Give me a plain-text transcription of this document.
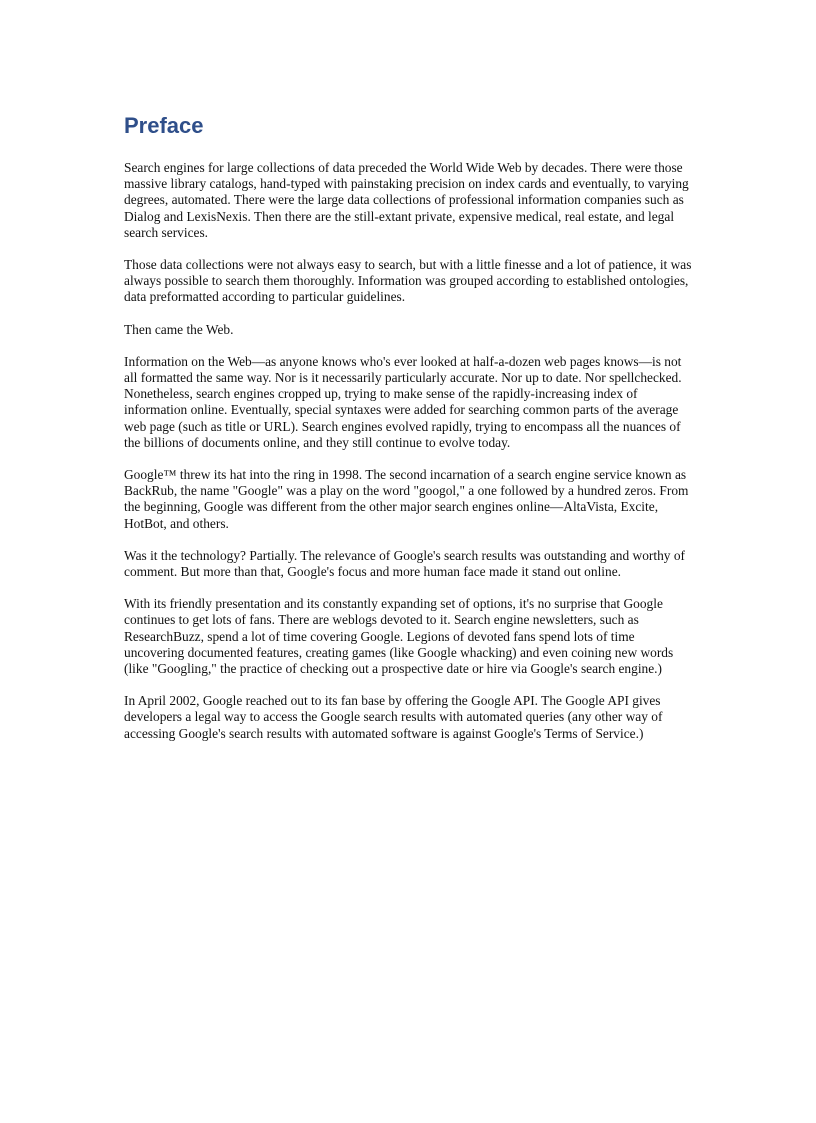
Preface

Search engines for large collections of data preceded the World Wide Web by decades. There were those massive library catalogs, hand-typed with painstaking precision on index cards and eventually, to varying degrees, automated. There were the large data collections of professional information companies such as Dialog and LexisNexis. Then there are the still-extant private, expensive medical, real estate, and legal search services.

Those data collections were not always easy to search, but with a little finesse and a lot of patience, it was always possible to search them thoroughly. Information was grouped according to established ontologies, data preformatted according to particular guidelines.

Then came the Web.

Information on the Web—as anyone knows who's ever looked at half-a-dozen web pages knows—is not all formatted the same way. Nor is it necessarily particularly accurate. Nor up to date. Nor spellchecked. Nonetheless, search engines cropped up, trying to make sense of the rapidly-increasing index of information online. Eventually, special syntaxes were added for searching common parts of the average web page (such as title or URL). Search engines evolved rapidly, trying to encompass all the nuances of the billions of documents online, and they still continue to evolve today.

Google™ threw its hat into the ring in 1998. The second incarnation of a search engine service known as BackRub, the name "Google" was a play on the word "googol," a one followed by a hundred zeros. From the beginning, Google was different from the other major search engines online—AltaVista, Excite, HotBot, and others.

Was it the technology? Partially. The relevance of Google's search results was outstanding and worthy of comment. But more than that, Google's focus and more human face made it stand out online.

With its friendly presentation and its constantly expanding set of options, it's no surprise that Google continues to get lots of fans. There are weblogs devoted to it. Search engine newsletters, such as ResearchBuzz, spend a lot of time covering Google. Legions of devoted fans spend lots of time uncovering documented features, creating games (like Google whacking) and even coining new words (like "Googling," the practice of checking out a prospective date or hire via Google's search engine.)

In April 2002, Google reached out to its fan base by offering the Google API. The Google API gives developers a legal way to access the Google search results with automated queries (any other way of accessing Google's search results with automated software is against Google's Terms of Service.)
